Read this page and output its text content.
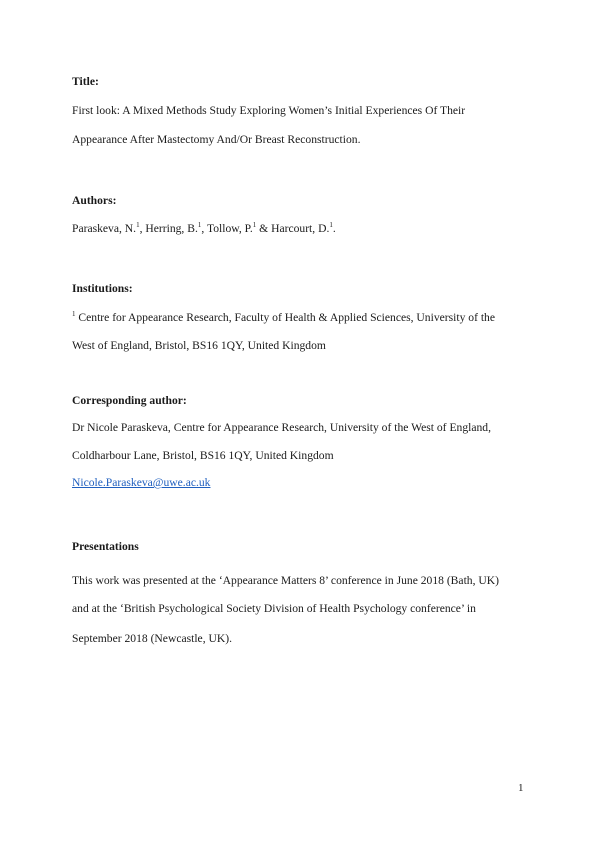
Title:
First look: A Mixed Methods Study Exploring Women’s Initial Experiences Of Their
Appearance After Mastectomy And/Or Breast Reconstruction.
Authors:
Paraskeva, N.$^1$, Herring, B.$^1$, Tollow, P.$^1$ & Harcourt, D.$^1$.
Institutions:
$^1$ Centre for Appearance Research, Faculty of Health & Applied Sciences, University of the
West of England, Bristol, BS16 1QY, United Kingdom
Corresponding author:
Dr Nicole Paraskeva, Centre for Appearance Research, University of the West of England,
Coldharbour Lane, Bristol, BS16 1QY, United Kingdom
Nicole.Paraskeva@uwe.ac.uk
Presentations
This work was presented at the ‘Appearance Matters 8’ conference in June 2018 (Bath, UK)
and at the ‘British Psychological Society Division of Health Psychology conference’ in
September 2018 (Newcastle, UK).
1
